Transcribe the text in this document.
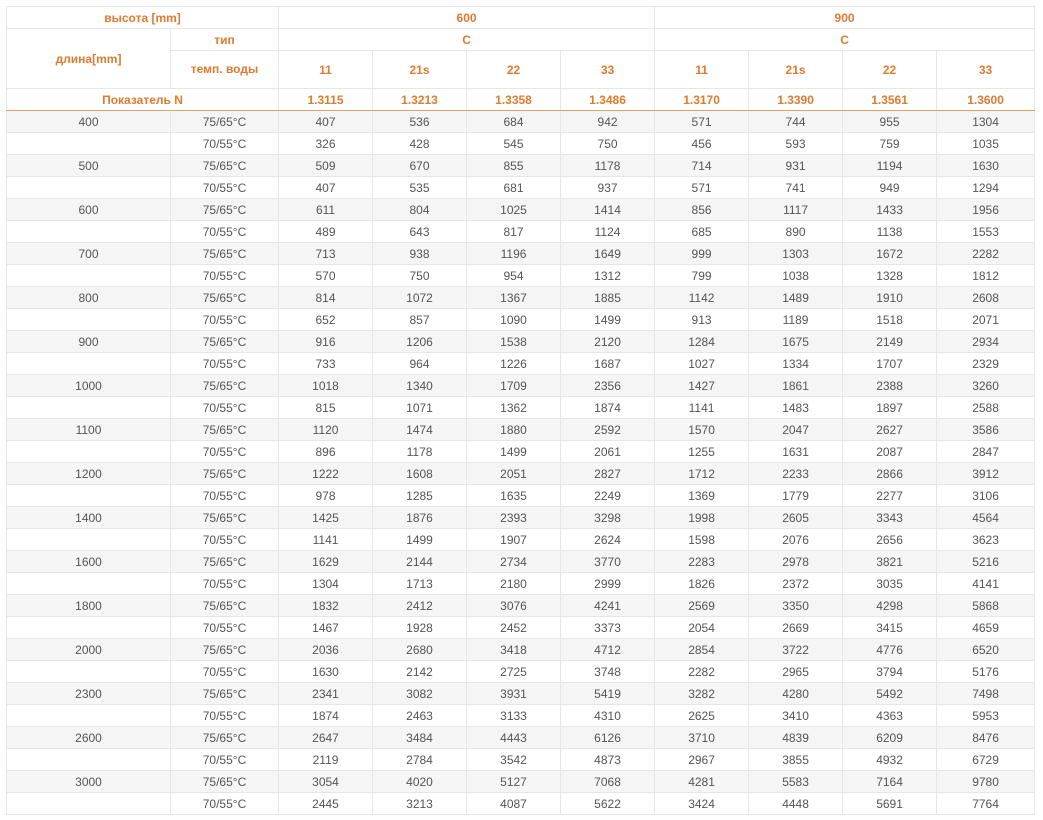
высота [mm]		600				900			
длина[mm]	тип	C				C			
	темп. воды	11	21s	22	33	11	21s	22	33
Показатель N		1.3115	1.3213	1.3358	1.3486	1.3170	1.3390	1.3561	1.3600
400	75/65°C	407	536	684	942	571	744	955	1304
	70/55°C	326	428	545	750	456	593	759	1035
500	75/65°C	509	670	855	1178	714	931	1194	1630
	70/55°C	407	535	681	937	571	741	949	1294
600	75/65°C	611	804	1025	1414	856	1117	1433	1956
	70/55°C	489	643	817	1124	685	890	1138	1553
700	75/65°C	713	938	1196	1649	999	1303	1672	2282
	70/55°C	570	750	954	1312	799	1038	1328	1812
800	75/65°C	814	1072	1367	1885	1142	1489	1910	2608
	70/55°C	652	857	1090	1499	913	1189	1518	2071
900	75/65°C	916	1206	1538	2120	1284	1675	2149	2934
	70/55°C	733	964	1226	1687	1027	1334	1707	2329
1000	75/65°C	1018	1340	1709	2356	1427	1861	2388	3260
	70/55°C	815	1071	1362	1874	1141	1483	1897	2588
1100	75/65°C	1120	1474	1880	2592	1570	2047	2627	3586
	70/55°C	896	1178	1499	2061	1255	1631	2087	2847
1200	75/65°C	1222	1608	2051	2827	1712	2233	2866	3912
	70/55°C	978	1285	1635	2249	1369	1779	2277	3106
1400	75/65°C	1425	1876	2393	3298	1998	2605	3343	4564
	70/55°C	1141	1499	1907	2624	1598	2076	2656	3623
1600	75/65°C	1629	2144	2734	3770	2283	2978	3821	5216
	70/55°C	1304	1713	2180	2999	1826	2372	3035	4141
1800	75/65°C	1832	2412	3076	4241	2569	3350	4298	5868
	70/55°C	1467	1928	2452	3373	2054	2669	3415	4659
2000	75/65°C	2036	2680	3418	4712	2854	3722	4776	6520
	70/55°C	1630	2142	2725	3748	2282	2965	3794	5176
2300	75/65°C	2341	3082	3931	5419	3282	4280	5492	7498
	70/55°C	1874	2463	3133	4310	2625	3410	4363	5953
2600	75/65°C	2647	3484	4443	6126	3710	4839	6209	8476
	70/55°C	2119	2784	3542	4873	2967	3855	4932	6729
3000	75/65°C	3054	4020	5127	7068	4281	5583	7164	9780
	70/55°C	2445	3213	4087	5622	3424	4448	5691	7764
